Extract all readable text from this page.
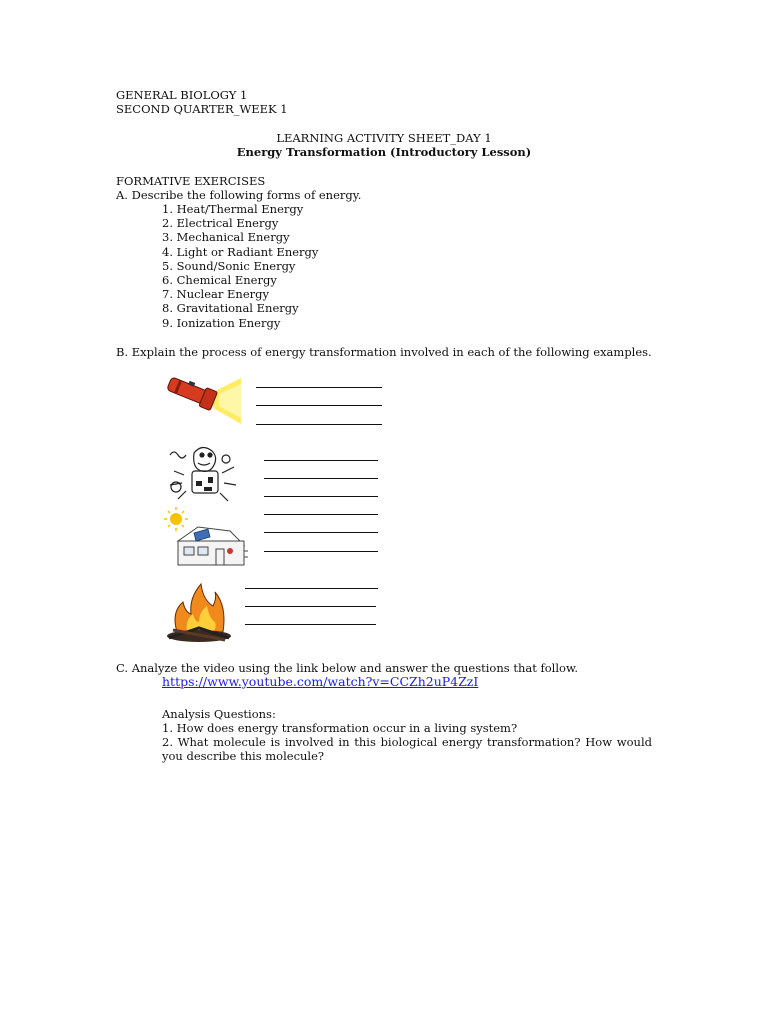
GENERAL BIOLOGY 1
SECOND QUARTER_WEEK 1
LEARNING ACTIVITY SHEET_DAY 1
Energy Transformation (Introductory Lesson)
FORMATIVE EXERCISES
A. Describe the following forms of energy.
1. Heat/Thermal Energy
2. Electrical Energy
3. Mechanical Energy
4. Light or Radiant Energy
5. Sound/Sonic Energy
6. Chemical Energy
7. Nuclear Energy
8. Gravitational Energy
9. Ionization Energy
B. Explain the process of energy transformation involved in each of the following examples.
C. Analyze the video using the link below and answer the questions that follow.
https://www.youtube.com/watch?v=CCZh2uP4ZzI
Analysis Questions:
1. How does energy transformation occur in a living system?
2. What molecule is involved in this biological energy transformation? How would you describe this molecule?
